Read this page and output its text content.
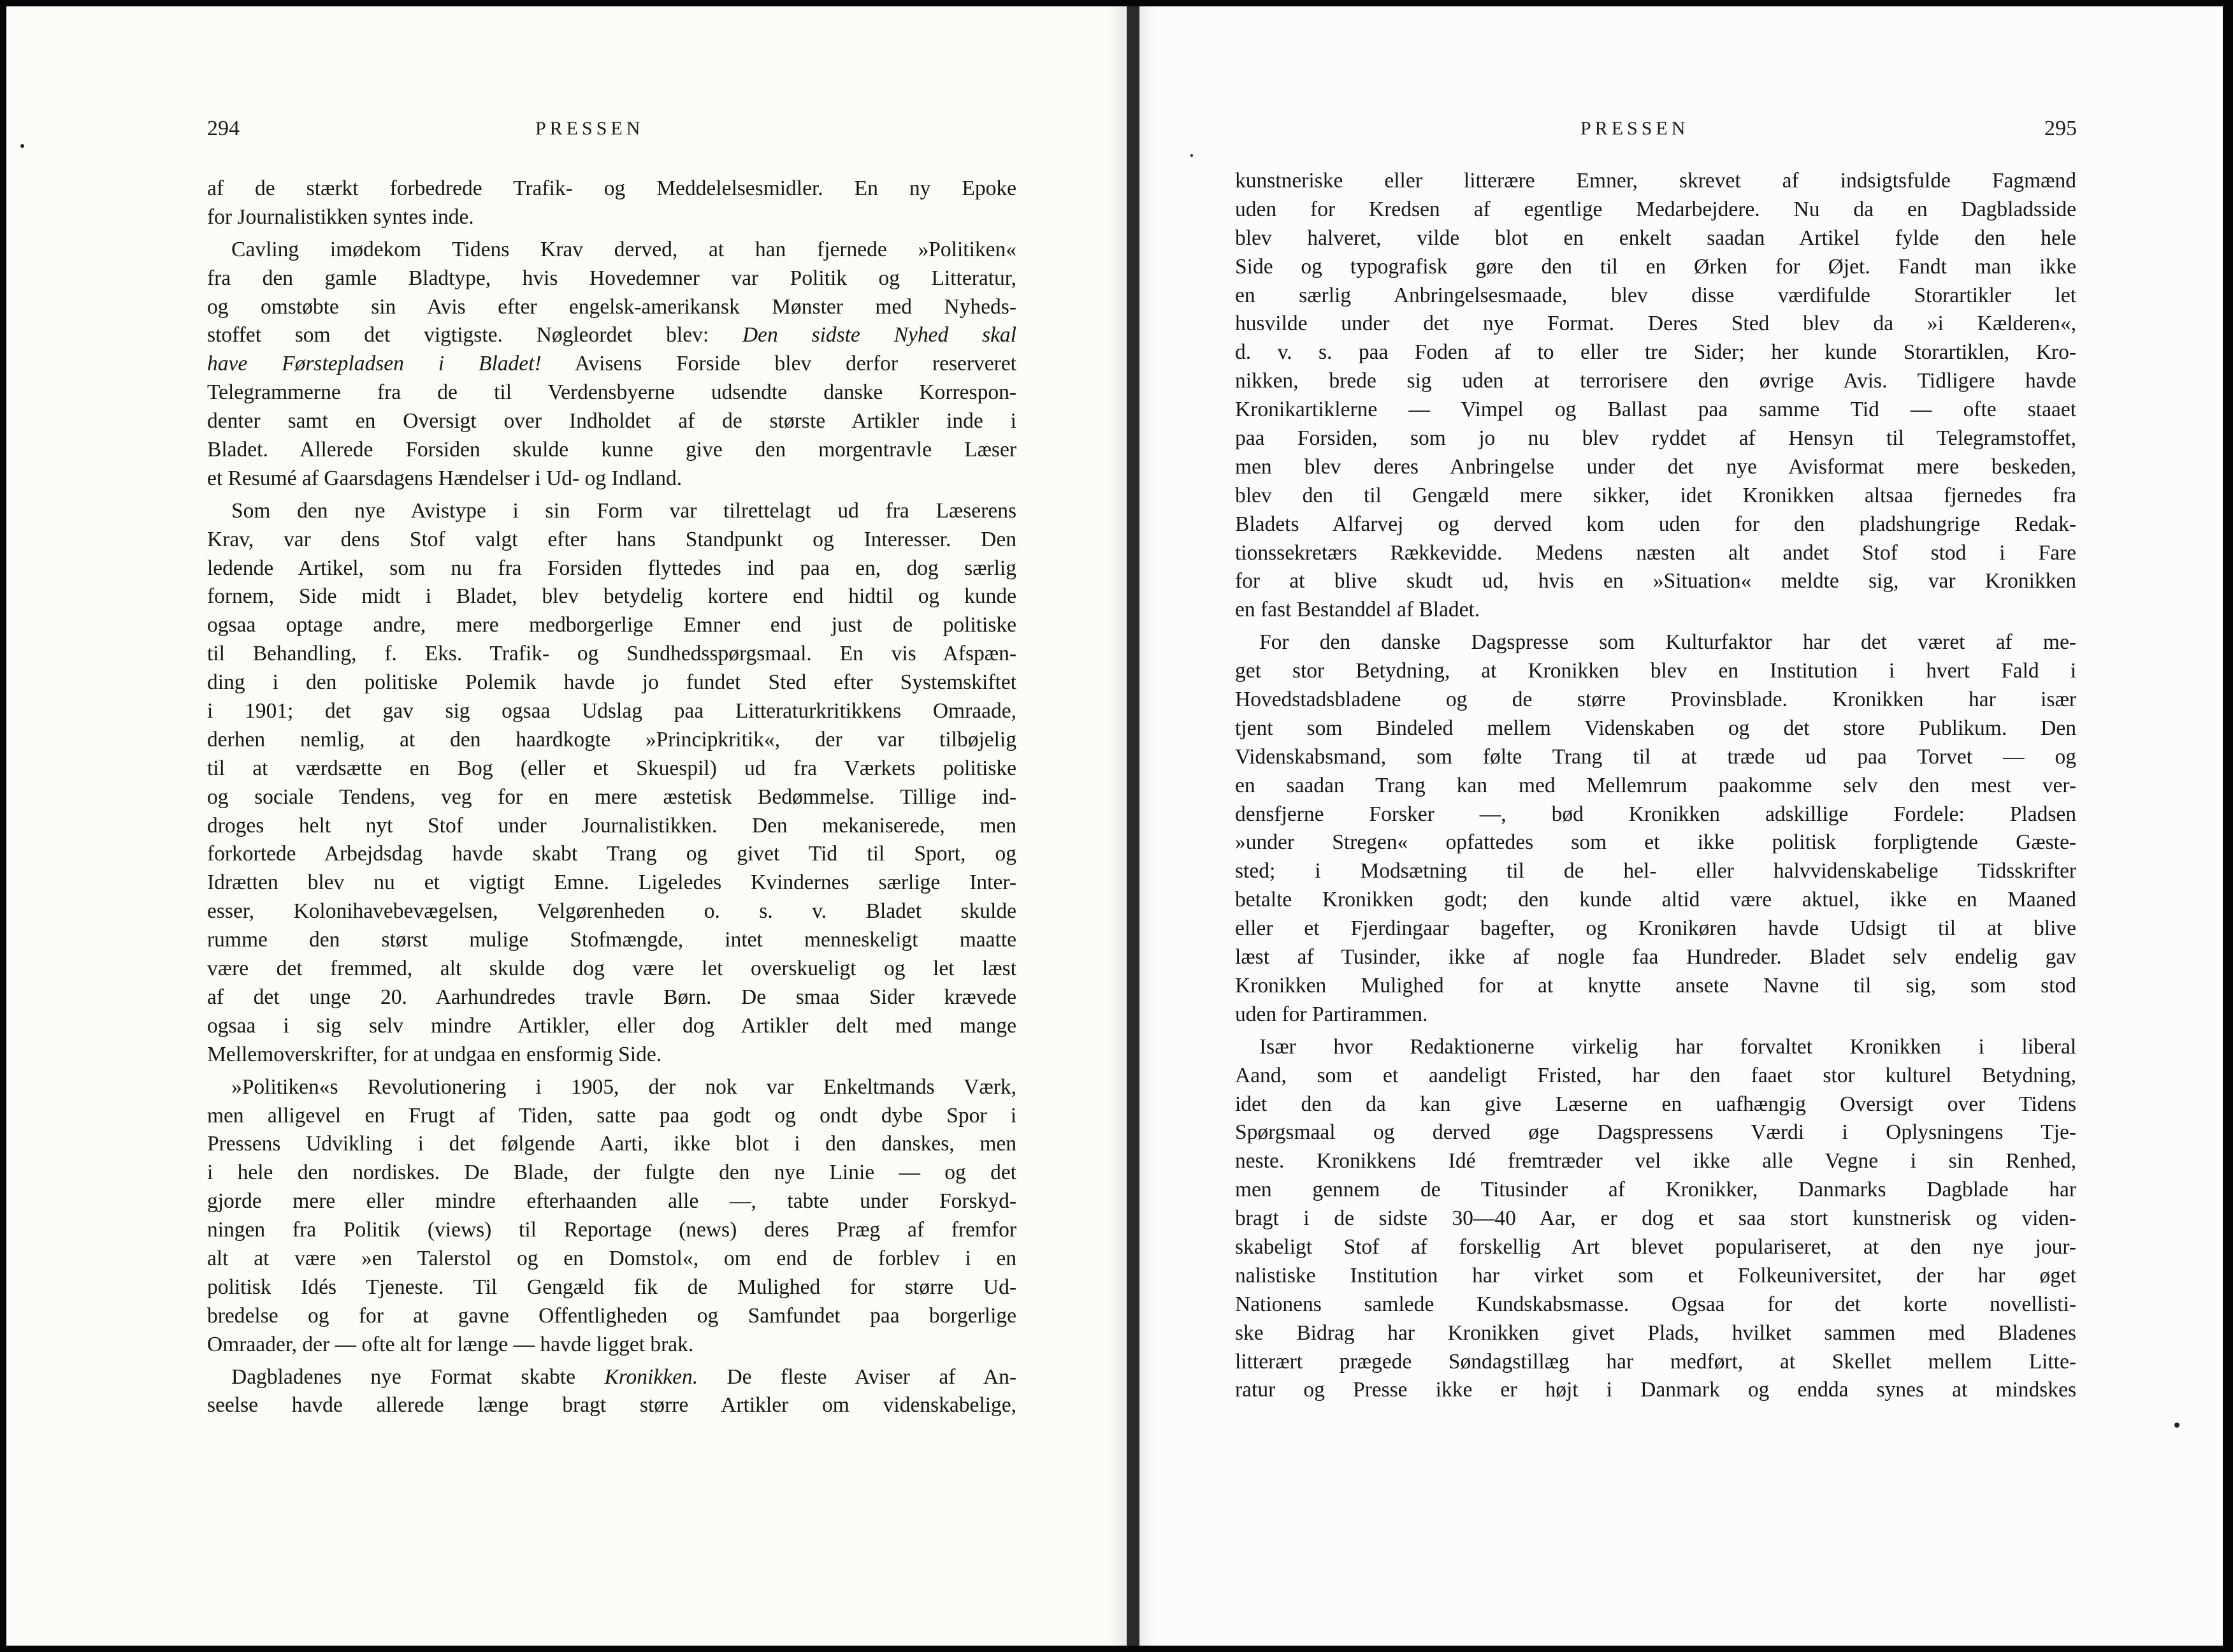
294	PRESSEN
af de stærkt forbedrede Trafik- og Meddelelsesmidler. En ny Epoke
for Journalistikken syntes inde.
Cavling imødekom Tidens Krav derved, at han fjernede »Politiken«
fra den gamle Bladtype, hvis Hovedemner var Politik og Litteratur,
og omstøbte sin Avis efter engelsk-amerikansk Mønster med Nyheds-
stoffet som det vigtigste. Nøgleordet blev: Den sidste Nyhed skal
have Førstepladsen i Bladet! Avisens Forside blev derfor reserveret
Telegrammerne fra de til Verdensbyerne udsendte danske Korrespon-
denter samt en Oversigt over Indholdet af de største Artikler inde i
Bladet. Allerede Forsiden skulde kunne give den morgentravle Læser
et Resumé af Gaarsdagens Hændelser i Ud- og Indland.
Som den nye Avistype i sin Form var tilrettelagt ud fra Læserens
Krav, var dens Stof valgt efter hans Standpunkt og Interesser. Den
ledende Artikel, som nu fra Forsiden flyttedes ind paa en, dog særlig
fornem, Side midt i Bladet, blev betydelig kortere end hidtil og kunde
ogsaa optage andre, mere medborgerlige Emner end just de politiske
til Behandling, f. Eks. Trafik- og Sundhedsspørgsmaal. En vis Afspæn-
ding i den politiske Polemik havde jo fundet Sted efter Systemskiftet
i 1901; det gav sig ogsaa Udslag paa Litteraturkritikkens Omraade,
derhen nemlig, at den haardkogte »Principkritik«, der var tilbøjelig
til at værdsætte en Bog (eller et Skuespil) ud fra Værkets politiske
og sociale Tendens, veg for en mere æstetisk Bedømmelse. Tillige ind-
droges helt nyt Stof under Journalistikken. Den mekaniserede, men
forkortede Arbejdsdag havde skabt Trang og givet Tid til Sport, og
Idrætten blev nu et vigtigt Emne. Ligeledes Kvindernes særlige Inter-
esser, Kolonihavebevægelsen, Velgørenheden o. s. v. Bladet skulde
rumme den størst mulige Stofmængde, intet menneskeligt maatte
være det fremmed, alt skulde dog være let overskueligt og let læst
af det unge 20. Aarhundredes travle Børn. De smaa Sider krævede
ogsaa i sig selv mindre Artikler, eller dog Artikler delt med mange
Mellemoverskrifter, for at undgaa en ensformig Side.
»Politiken«s Revolutionering i 1905, der nok var Enkeltmands Værk,
men alligevel en Frugt af Tiden, satte paa godt og ondt dybe Spor i
Pressens Udvikling i det følgende Aarti, ikke blot i den danskes, men
i hele den nordiskes. De Blade, der fulgte den nye Linie — og det
gjorde mere eller mindre efterhaanden alle —, tabte under Forskyd-
ningen fra Politik (views) til Reportage (news) deres Præg af fremfor
alt at være »en Talerstol og en Domstol«, om end de forblev i en
politisk Idés Tjeneste. Til Gengæld fik de Mulighed for større Ud-
bredelse og for at gavne Offentligheden og Samfundet paa borgerlige
Omraader, der — ofte alt for længe — havde ligget brak.
Dagbladenes nye Format skabte Kronikken. De fleste Aviser af An-
seelse havde allerede længe bragt større Artikler om videnskabelige,
PRESSEN	295
kunstneriske eller litterære Emner, skrevet af indsigtsfulde Fagmænd
uden for Kredsen af egentlige Medarbejdere. Nu da en Dagbladsside
blev halveret, vilde blot en enkelt saadan Artikel fylde den hele
Side og typografisk gøre den til en Ørken for Øjet. Fandt man ikke
en særlig Anbringelsesmaade, blev disse værdifulde Storartikler let
husvilde under det nye Format. Deres Sted blev da »i Kælderen«,
d. v. s. paa Foden af to eller tre Sider; her kunde Storartiklen, Kro-
nikken, brede sig uden at terrorisere den øvrige Avis. Tidligere havde
Kronikartiklerne — Vimpel og Ballast paa samme Tid — ofte staaet
paa Forsiden, som jo nu blev ryddet af Hensyn til Telegramstoffet,
men blev deres Anbringelse under det nye Avisformat mere beskeden,
blev den til Gengæld mere sikker, idet Kronikken altsaa fjernedes fra
Bladets Alfarvej og derved kom uden for den pladshungrige Redak-
tionssekretærs Rækkevidde. Medens næsten alt andet Stof stod i Fare
for at blive skudt ud, hvis en »Situation« meldte sig, var Kronikken
en fast Bestanddel af Bladet.
For den danske Dagspresse som Kulturfaktor har det været af me-
get stor Betydning, at Kronikken blev en Institution i hvert Fald i
Hovedstadsbladene og de større Provinsblade. Kronikken har især
tjent som Bindeled mellem Videnskaben og det store Publikum. Den
Videnskabsmand, som følte Trang til at træde ud paa Torvet — og
en saadan Trang kan med Mellemrum paakomme selv den mest ver-
densfjerne Forsker —, bød Kronikken adskillige Fordele: Pladsen
»under Stregen« opfattedes som et ikke politisk forpligtende Gæste-
sted; i Modsætning til de hel- eller halvvidenskabelige Tidsskrifter
betalte Kronikken godt; den kunde altid være aktuel, ikke en Maaned
eller et Fjerdingaar bagefter, og Kronikøren havde Udsigt til at blive
læst af Tusinder, ikke af nogle faa Hundreder. Bladet selv endelig gav
Kronikken Mulighed for at knytte ansete Navne til sig, som stod
uden for Partirammen.
Især hvor Redaktionerne virkelig har forvaltet Kronikken i liberal
Aand, som et aandeligt Fristed, har den faaet stor kulturel Betydning,
idet den da kan give Læserne en uafhængig Oversigt over Tidens
Spørgsmaal og derved øge Dagspressens Værdi i Oplysningens Tje-
neste. Kronikkens Idé fremtræder vel ikke alle Vegne i sin Renhed,
men gennem de Titusinder af Kronikker, Danmarks Dagblade har
bragt i de sidste 30—40 Aar, er dog et saa stort kunstnerisk og viden-
skabeligt Stof af forskellig Art blevet populariseret, at den nye jour-
nalistiske Institution har virket som et Folkeuniversitet, der har øget
Nationens samlede Kundskabsmasse. Ogsaa for det korte novellisti-
ske Bidrag har Kronikken givet Plads, hvilket sammen med Bladenes
litterært prægede Søndagstillæg har medført, at Skellet mellem Litte-
ratur og Presse ikke er højt i Danmark og endda synes at mindskes
